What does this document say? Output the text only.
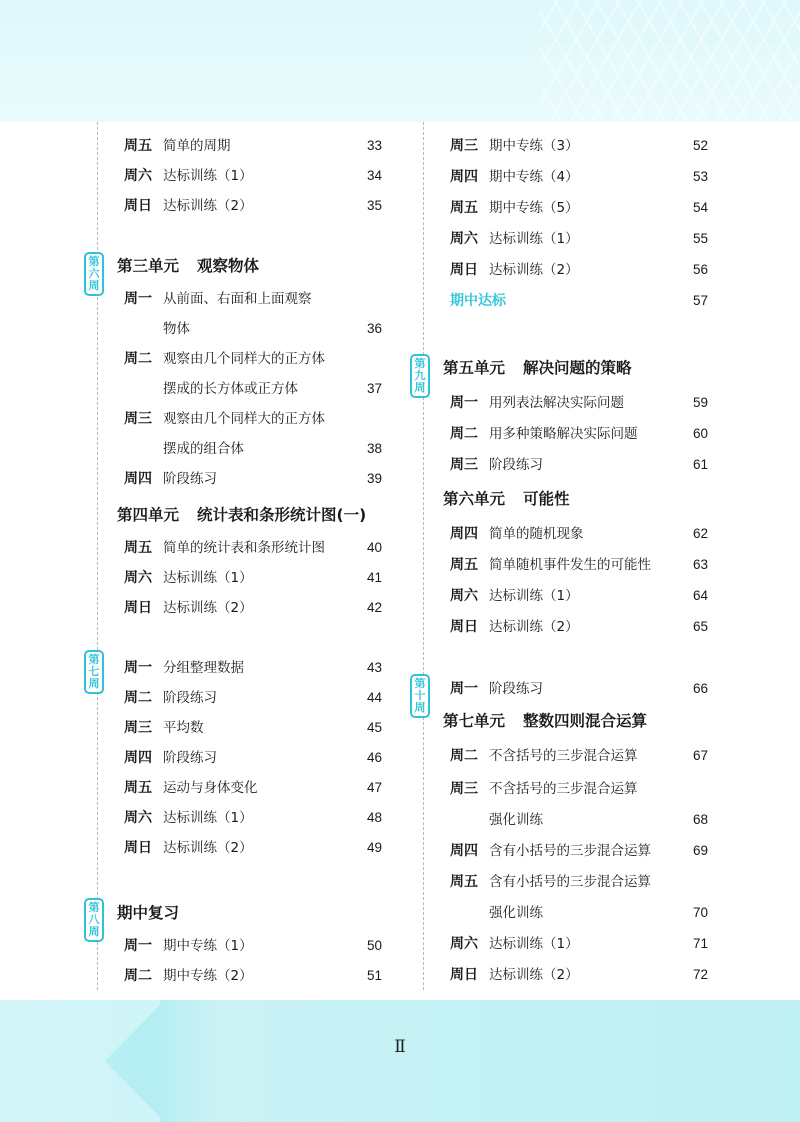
周五 简单的周期	33
周六 达标训练（1）	34
周日 达标训练（2）	35
第
六
周
第三单元 观察物体
周一 从前面、右面和上面观察
物体	36
周二 观察由几个同样大的正方体
摆成的长方体或正方体	37
周三 观察由几个同样大的正方体
摆成的组合体	38
周四 阶段练习	39
第四单元 统计表和条形统计图(一)
周五 简单的统计表和条形统计图	40
周六 达标训练（1）	41
周日 达标训练（2）	42
第
七
周
周一 分组整理数据	43
周二 阶段练习	44
周三 平均数	45
周四 阶段练习	46
周五 运动与身体变化	47
周六 达标训练（1）	48
周日 达标训练（2）	49
第
八
周
期中复习
周一 期中专练（1）	50
周二 期中专练（2）	51
周三 期中专练（3）	52
周四 期中专练（4）	53
周五 期中专练（5）	54
周六 达标训练（1）	55
周日 达标训练（2）	56
期中达标	57
第
九
周
第五单元 解决问题的策略
周一 用列表法解决实际问题	59
周二 用多种策略解决实际问题	60
周三 阶段练习	61
第六单元 可能性
周四 简单的随机现象	62
周五 简单随机事件发生的可能性	63
周六 达标训练（1）	64
周日 达标训练（2）	65
第
十
周
周一 阶段练习	66
第七单元 整数四则混合运算
周二 不含括号的三步混合运算	67
周三 不含括号的三步混合运算
强化训练	68
周四 含有小括号的三步混合运算	69
周五 含有小括号的三步混合运算
强化训练	70
周六 达标训练（1）	71
周日 达标训练（2）	72
Ⅱ
